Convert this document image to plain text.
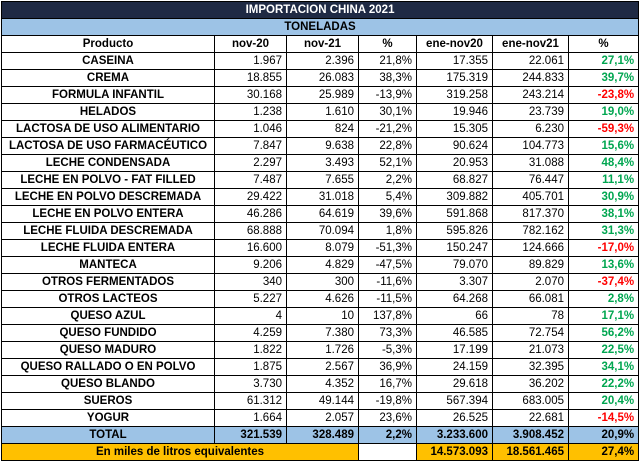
IMPORTACION CHINA 2021						
TONELADAS						
Producto	nov-20	nov-21	%	ene-nov20	ene-nov21	%
CASEINA	1.967	2.396	21,8%	17.355	22.061	27,1%
CREMA	18.855	26.083	38,3%	175.319	244.833	39,7%
FORMULA INFANTIL	30.168	25.989	-13,9%	319.258	243.214	-23,8%
HELADOS	1.238	1.610	30,1%	19.946	23.739	19,0%
LACTOSA DE USO ALIMENTARIO	1.046	824	-21,2%	15.305	6.230	-59,3%
LACTOSA DE USO FARMACÉUTICO	7.847	9.638	22,8%	90.624	104.773	15,6%
LECHE CONDENSADA	2.297	3.493	52,1%	20.953	31.088	48,4%
LECHE EN POLVO - FAT FILLED	7.487	7.655	2,2%	68.827	76.447	11,1%
LECHE EN POLVO DESCREMADA	29.422	31.018	5,4%	309.882	405.701	30,9%
LECHE EN POLVO ENTERA	46.286	64.619	39,6%	591.868	817.370	38,1%
LECHE FLUIDA DESCREMADA	68.888	70.094	1,8%	595.826	782.162	31,3%
LECHE FLUIDA ENTERA	16.600	8.079	-51,3%	150.247	124.666	-17,0%
MANTECA	9.206	4.829	-47,5%	79.070	89.829	13,6%
OTROS FERMENTADOS	340	300	-11,6%	3.307	2.070	-37,4%
OTROS LACTEOS	5.227	4.626	-11,5%	64.268	66.081	2,8%
QUESO AZUL	4	10	137,8%	66	78	17,1%
QUESO FUNDIDO	4.259	7.380	73,3%	46.585	72.754	56,2%
QUESO MADURO	1.822	1.726	-5,3%	17.199	21.073	22,5%
QUESO RALLADO O EN POLVO	1.875	2.567	36,9%	24.159	32.395	34,1%
QUESO BLANDO	3.730	4.352	16,7%	29.618	36.202	22,2%
SUEROS	61.312	49.144	-19,8%	567.394	683.005	20,4%
YOGUR	1.664	2.057	23,6%	26.525	22.681	-14,5%
TOTAL	321.539	328.489	2,2%	3.233.600	3.908.452	20,9%
En miles de litros equivalentes				14.573.093	18.561.465	27,4%
